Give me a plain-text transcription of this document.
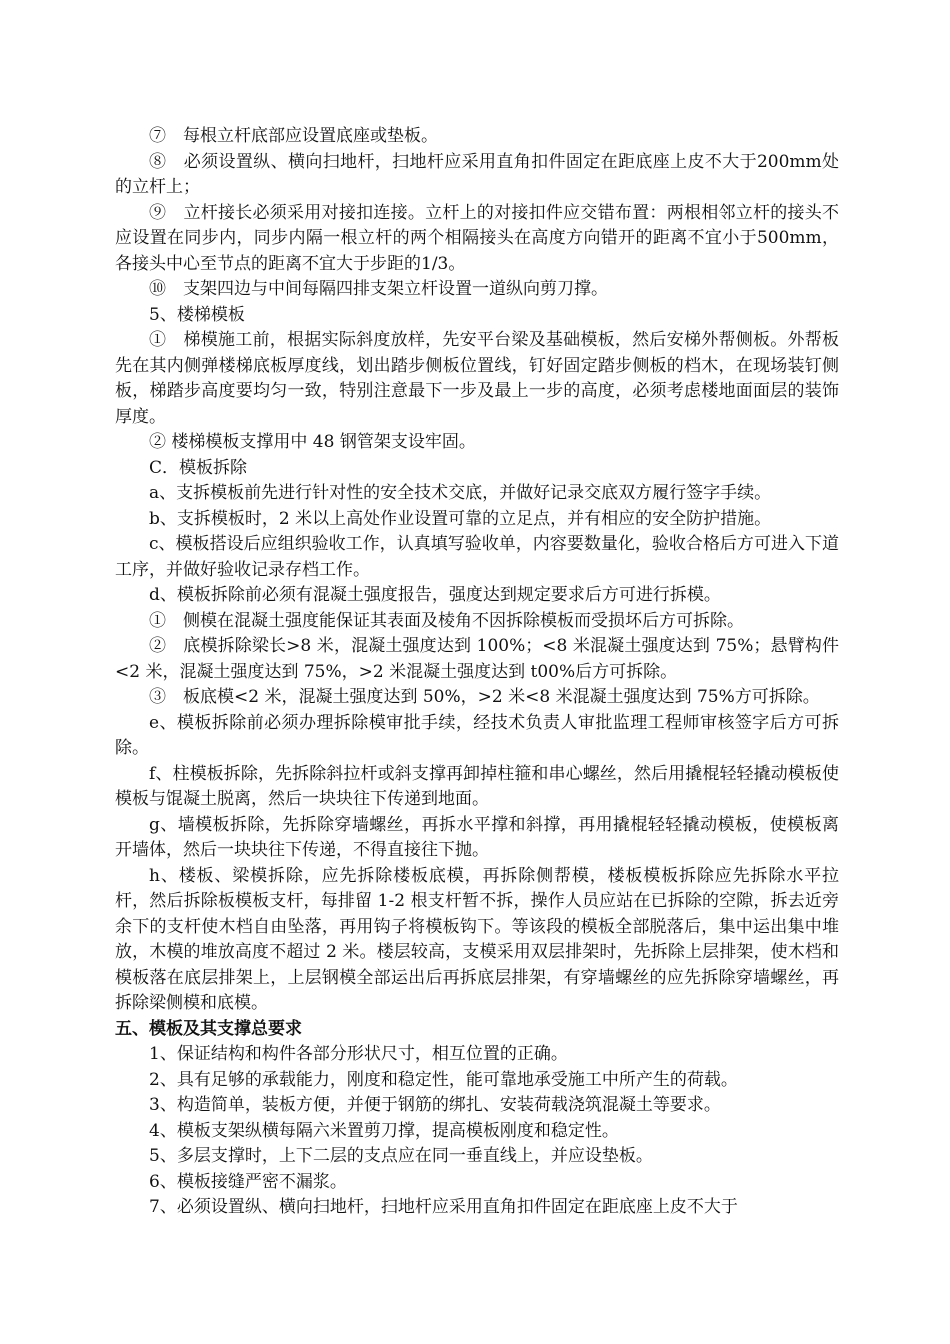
⑦　每根立杆底部应设置底座或垫板。

⑧　必须设置纵、横向扫地杆，扫地杆应采用直角扣件固定在距底座上皮不大于200mm处的立杆上；

⑨　立杆接长必须采用对接扣连接。立杆上的对接扣件应交错布置：两根相邻立杆的接头不应设置在同步内，同步内隔一根立杆的两个相隔接头在高度方向错开的距离不宜小于500mm，各接头中心至节点的距离不宜大于步距的1/3。

⑩　支架四边与中间每隔四排支架立杆设置一道纵向剪刀撑。

5、楼梯模板

①　梯模施工前，根据实际斜度放样，先安平台梁及基础模板，然后安梯外帮侧板。外帮板先在其内侧弹楼梯底板厚度线，划出踏步侧板位置线，钉好固定踏步侧板的档木，在现场装钉侧板，梯踏步高度要均匀一致，特别注意最下一步及最上一步的高度，必须考虑楼地面面层的装饰厚度。

② 楼梯模板支撑用中 48 钢管架支设牢固。

C．模板拆除

a、支拆模板前先进行针对性的安全技术交底，并做好记录交底双方履行签字手续。

b、支拆模板时，2 米以上高处作业设置可靠的立足点，并有相应的安全防护措施。

c、模板搭设后应组织验收工作，认真填写验收单，内容要数量化，验收合格后方可进入下道工序，并做好验收记录存档工作。

d、模板拆除前必须有混凝土强度报告，强度达到规定要求后方可进行拆模。

①　侧模在混凝土强度能保证其表面及棱角不因拆除模板而受损坏后方可拆除。

②　底模拆除梁长>8 米，混凝土强度达到 100%；<8 米混凝土强度达到 75%；悬臂构件<2 米，混凝土强度达到 75%，>2 米混凝土强度达到 t00%后方可拆除。

③　板底模<2 米，混凝土强度达到 50%，>2 米<8 米混凝土强度达到 75%方可拆除。

e、模板拆除前必须办理拆除模审批手续，经技术负责人审批监理工程师审核签字后方可拆除。

f、柱模板拆除，先拆除斜拉杆或斜支撑再卸掉柱箍和串心螺丝，然后用撬棍轻轻撬动模板使模板与馄凝土脱离，然后一块块往下传递到地面。

g、墙模板拆除，先拆除穿墙螺丝，再拆水平撑和斜撑，再用撬棍轻轻撬动模板，使模板离开墙体，然后一块块往下传递，不得直接往下抛。

h、楼板、梁模拆除，应先拆除楼板底模，再拆除侧帮模，楼板模板拆除应先拆除水平拉杆，然后拆除板模板支杆，每排留 1-2 根支杆暂不拆，操作人员应站在已拆除的空隙，拆去近旁余下的支杆使木档自由坠落，再用钩子将模板钩下。等该段的模板全部脱落后，集中运出集中堆放，木模的堆放高度不超过 2 米。楼层较高，支模采用双层排架时，先拆除上层排架，使木档和模板落在底层排架上，上层钢模全部运出后再拆底层排架，有穿墙螺丝的应先拆除穿墙螺丝，再拆除梁侧模和底模。

五、模板及其支撑总要求

1、保证结构和构件各部分形状尺寸，相互位置的正确。

2、具有足够的承载能力，刚度和稳定性，能可靠地承受施工中所产生的荷载。

3、构造简单，装板方便，并便于钢筋的绑扎、安装荷载浇筑混凝土等要求。

4、模板支架纵横每隔六米置剪刀撑，提高模板刚度和稳定性。

5、多层支撑时，上下二层的支点应在同一垂直线上，并应设垫板。

6、模板接缝严密不漏浆。

7、必须设置纵、横向扫地杆，扫地杆应采用直角扣件固定在距底座上皮不大于
